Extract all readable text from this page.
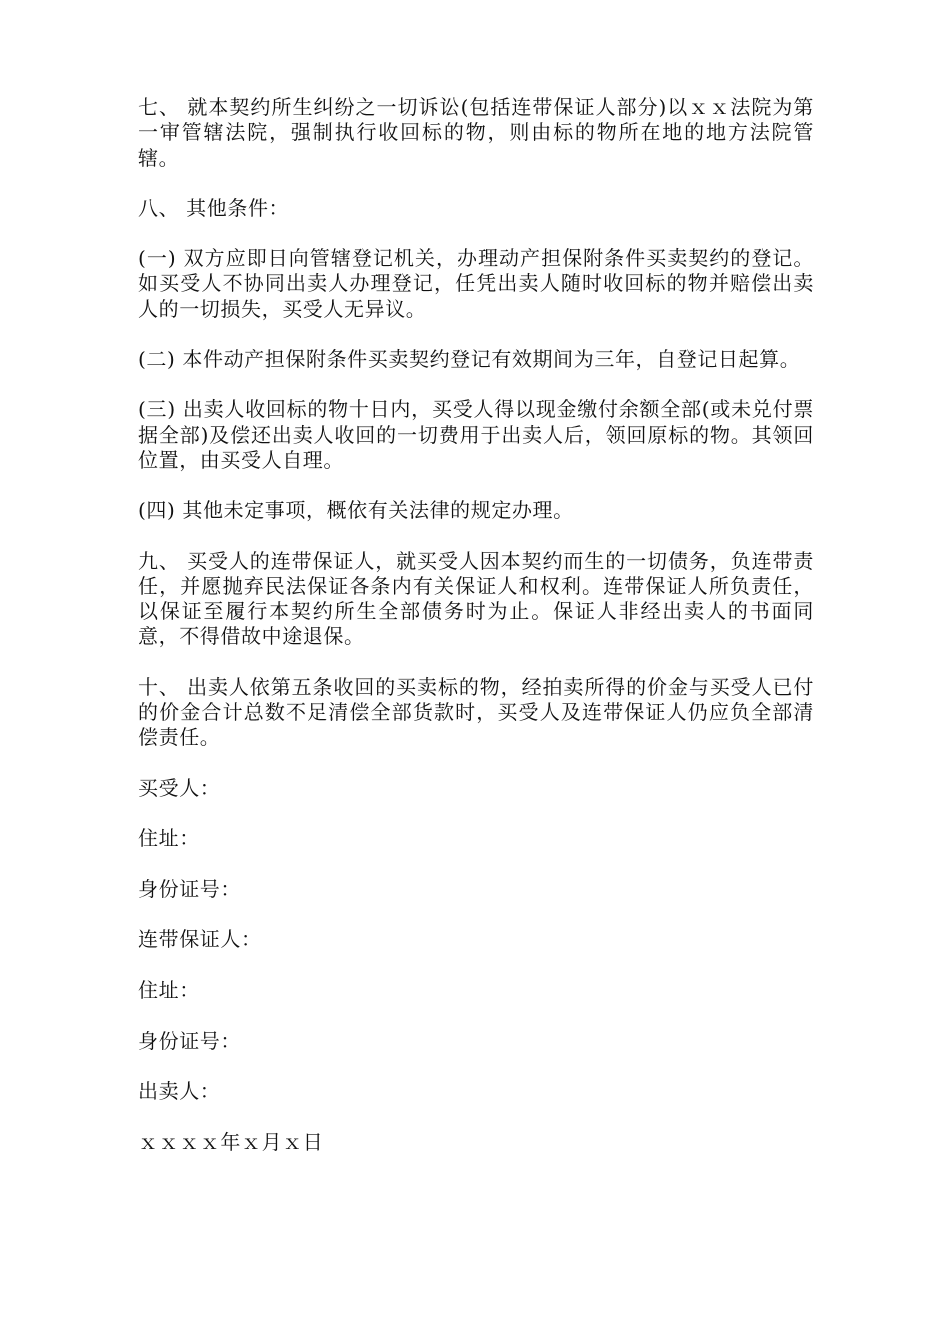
七、 就本契约所生纠纷之一切诉讼(包括连带保证人部分)以ｘｘ法院为第一审管辖法院，强制执行收回标的物，则由标的物所在地的地方法院管辖。

八、 其他条件：

(一) 双方应即日向管辖登记机关，办理动产担保附条件买卖契约的登记。如买受人不协同出卖人办理登记，任凭出卖人随时收回标的物并赔偿出卖人的一切损失，买受人无异议。

(二) 本件动产担保附条件买卖契约登记有效期间为三年，自登记日起算。

(三) 出卖人收回标的物十日内，买受人得以现金缴付余额全部(或未兑付票据全部)及偿还出卖人收回的一切费用于出卖人后，领回原标的物。其领回位置，由买受人自理。

(四) 其他未定事项，概依有关法律的规定办理。

九、 买受人的连带保证人，就买受人因本契约而生的一切债务，负连带责任，并愿抛弃民法保证各条内有关保证人和权利。连带保证人所负责任，以保证至履行本契约所生全部债务时为止。保证人非经出卖人的书面同意，不得借故中途退保。

十、 出卖人依第五条收回的买卖标的物，经拍卖所得的价金与买受人已付的价金合计总数不足清偿全部货款时，买受人及连带保证人仍应负全部清偿责任。

买受人：

住址：

身份证号：

连带保证人：

住址：

身份证号：

出卖人：

ｘｘｘｘ年ｘ月ｘ日
